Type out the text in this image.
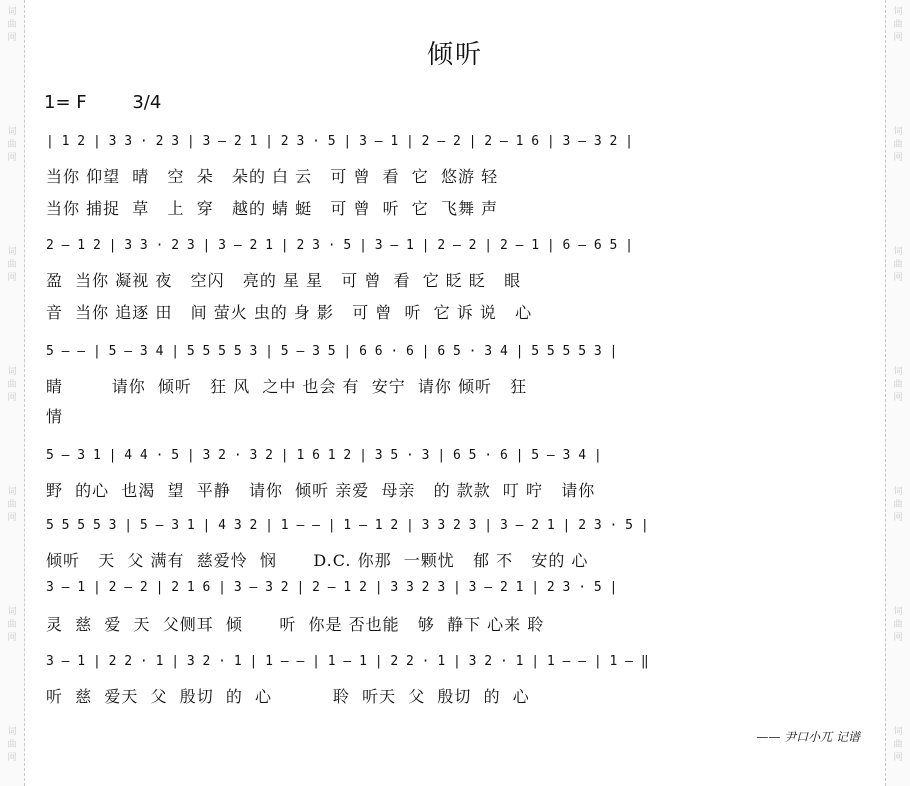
词
曲
网
词
曲
网
词
曲
网
词
曲
网
词
曲
网
词
曲
网
词
曲
网
词
曲
网
词
曲
网
词
曲
网
词
曲
网
词
曲
网
词
曲
网
词
曲
网
倾听
1= F	3/4
| 1 2 | 3 3 · 2 3 | 3 – 2 1 | 2 3 · 5 | 3 – 1 | 2 – 2 | 2 – 1 6 | 3 – 3 2 |
当你 仰望  晴   空  朵   朵的 白 云   可 曾  看  它  悠游 轻
当你 捕捉  草   上  穿   越的 蜻 蜓   可 曾  听  它  飞舞 声
2 – 1 2 | 3 3 · 2 3 | 3 – 2 1 | 2 3 · 5 | 3 – 1 | 2 – 2 | 2 – 1 | 6 – 6 5 |
盈  当你 凝视 夜   空闪   亮的 星 星   可 曾  看  它 眨 眨   眼
音  当你 追逐 田   间 萤火 虫的 身 影   可 曾  听  它 诉 说   心
5 – – | 5 – 3 4 | 5 5 5 5 3 | 5 – 3 5 | 6 6 · 6 | 6 5 · 3 4 | 5 5 5 5 3 |
睛        请你  倾听   狂 风  之中 也会 有  安宁  请你 倾听   狂
情
5 – 3 1 | 4 4 · 5 | 3 2 · 3 2 | 1 6 1 2 | 3 5 · 3 | 6 5 · 6 | 5 – 3 4 |
野  的心  也渴  望  平静   请你  倾听 亲爱  母亲   的 款款  叮 咛   请你
5 5 5 5 3 | 5 – 3 1 | 4 3 2 | 1 – – | 1 – 1 2 | 3 3 2 3 | 3 – 2 1 | 2 3 · 5 |
倾听   天  父 满有  慈爱怜  悯      D.C. 你那  一颗忧   郁 不   安的 心
3 – 1 | 2 – 2 | 2 1 6 | 3 – 3 2 | 2 – 1 2 | 3 3 2 3 | 3 – 2 1 | 2 3 · 5 |
灵  慈  爱  天  父侧耳  倾      听  你是 否也能   够  静下 心来 聆
3 – 1 | 2 2 · 1 | 3 2 · 1 | 1 – – | 1 – 1 | 2 2 · 1 | 3 2 · 1 | 1 – – | 1 – ‖
听  慈  爱天  父  殷切  的  心          聆  听天  父  殷切  的  心
—— 尹口小兀 记谱
